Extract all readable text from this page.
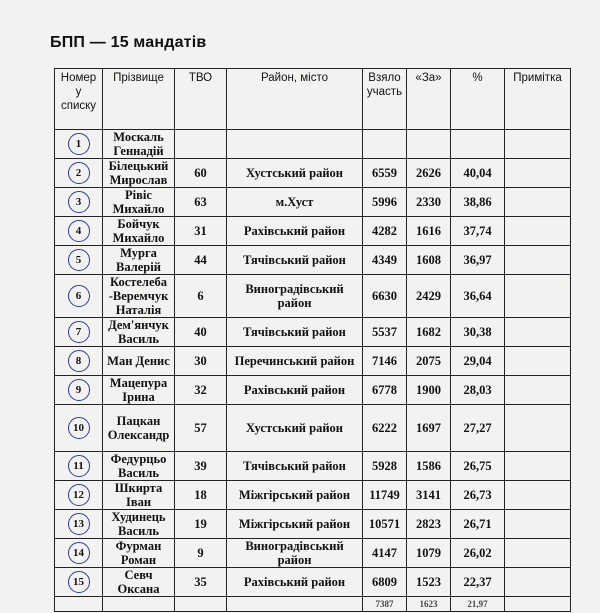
БПП — 15 мандатів
Номер у списку	Прізвище	ТВО	Район, місто	Взяло участь	«За»	%	Примітка
1	Москаль Геннадій						
2	Білецький Мирослав	60	Хустський район	6559	2626	40,04	
3	Рівіс Михайло	63	м.Хуст	5996	2330	38,86	
4	Бойчук Михайло	31	Рахівський район	4282	1616	37,74	
5	Мурга Валерій	44	Тячівський район	4349	1608	36,97	
6	Костелеба -Веремчук Наталія	6	Виноградівський район	6630	2429	36,64	
7	Дем'янчук Василь	40	Тячівський район	5537	1682	30,38	
8	Ман Денис	30	Перечинський район	7146	2075	29,04	
9	Мацепура Ірина	32	Рахівський район	6778	1900	28,03	
10	Пацкан Олександр	57	Хустський район	6222	1697	27,27	
11	Федурцьо Василь	39	Тячівський район	5928	1586	26,75	
12	Шкирта Іван	18	Міжгірський район	11749	3141	26,73	
13	Худинець Василь	19	Міжгірський район	10571	2823	26,71	
14	Фурман Роман	9	Виноградівський район	4147	1079	26,02	
15	Севч Оксана	35	Рахівський район	6809	1523	22,37	
				7387	1623	21,97	
